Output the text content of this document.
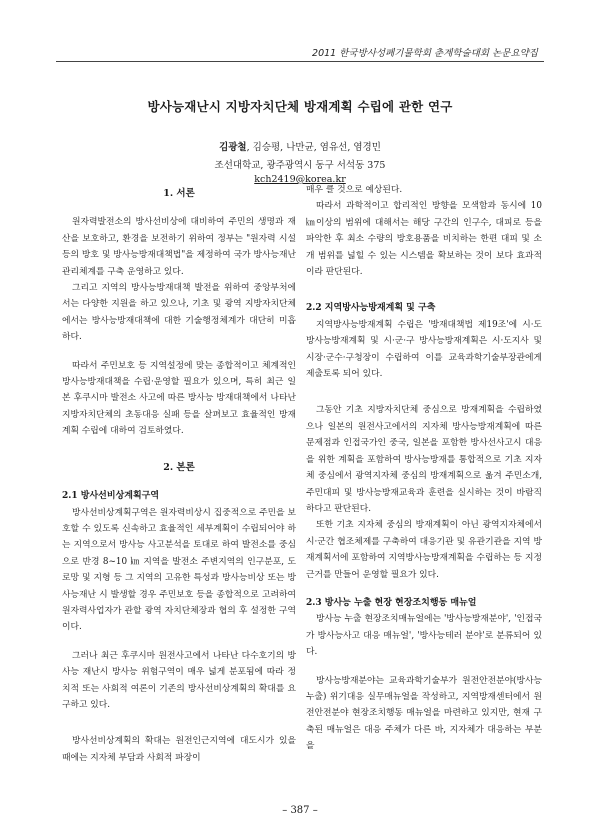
2011 한국방사성폐기물학회 춘계학술대회 논문요약집
방사능재난시 지방자치단체 방재계획 수립에 관한 연구
김광철, 김승평, 나만균, 염유선, 염경민
조선대학교, 광주광역시 동구 서석동 375
kch2419@korea.kr

1. 서론

원자력발전소의 방사선비상에 대비하여 주민의 생명과 재산을 보호하고, 환경을 보전하기 위하여 정부는 "원자력 시설 등의 방호 및 방사능방재대책법"을 제정하여 국가 방사능재난관리체계를 구축 운영하고 있다.

그리고 지역의 방사능방재대책 발전을 위하여 중앙부처에서는 다양한 지원을 하고 있으나, 기초 및 광역 지방자치단체에서는 방사능방재대책에 대한 기술행정체계가 대단히 미흡하다.

따라서 주민보호 등 지역설정에 맞는 종합적이고 체계적인 방사능방재대책을 수립·운영할 필요가 있으며, 특히 최근 일본 후쿠시마 발전소 사고에 따른 방사능 방재대책에서 나타난 지방자치단체의 초동대응 실패 등을 살펴보고 효율적인 방재계획 수립에 대하여 검토하였다.

2. 본론

2.1 방사선비상계획구역

방사선비상계획구역은 원자력비상시 집중적으로 주민을 보호할 수 있도록 신속하고 효율적인 세부계획이 수립되어야 하는 지역으로서 방사능 사고분석을 토대로 하여 발전소를 중심으로 반경 8~10 ㎞ 지역을 발전소 주변지역의 인구분포, 도로망 및 지형 등 그 지역의 고유한 특성과 방사능비상 또는 방사능재난 시 발생할 경우 주민보호 등을 종합적으로 고려하여 원자력사업자가 관할 광역 자치단체장과 협의 후 설정한 구역이다.

그러나 최근 후쿠시마 원전사고에서 나타난 다수호기의 방사능 재난시 방사능 위험구역이 매우 넓게 분포됨에 따라 정치적 또는 사회적 여론이 기존의 방사선비상계획의 확대를 요구하고 있다.

방사선비상계획의 확대는 원전인근지역에 대도시가 있을 때에는 지자체 부담과 사회적 파장이

매우 클 것으로 예상된다.

따라서 과학적이고 합리적인 방향을 모색함과 동시에 10 ㎞이상의 범위에 대해서는 해당 구간의 인구수, 대피로 등을 파악한 후 최소 수량의 방호용품을 비치하는 한편 대피 및 소개 범위를 넓힐 수 있는 시스템을 확보하는 것이 보다 효과적이라 판단된다.

2.2 지역방사능방재계획 및 구축

지역방사능방재계획 수립은 '방재대책법 제19조'에 시·도 방사능방재계획 및 시·군·구 방사능방재계획은 시·도지사 및 시장·군수·구청장이 수립하여 이를 교육과학기술부장관에게 제출토록 되어 있다.

그동안 기초 지방자치단체 중심으로 방재계획을 수립하였으나 일본의 원전사고에서의 지자체 방사능방재계획에 따른 문제점과 인접국가인 중국, 일본을 포함한 방사선사고시 대응을 위한 계획을 포함하여 방사능방재를 통합적으로 기초 지자체 중심에서 광역지자체 중심의 방재계획으로 옮겨 주민소개, 주민대피 및 방사능방재교육과 훈련을 실시하는 것이 바람직하다고 판단된다.

또한 기초 지자체 중심의 방재계획이 아닌 광역지자체에서 시·군간 협조체제를 구축하여 대응기관 및 유관기관을 지역 방재계획서에 포함하여 지역방사능방재계획을 수립하는 등 지정근거를 만들어 운영할 필요가 있다.

2.3 방사능 누출 현장 현장조치행동 매뉴얼

방사능 누출 현장조치매뉴얼에는 '방사능방재분야', '인접국가 방사능사고 대응 매뉴얼', '방사능테러 분야'로 분류되어 있다.

방사능방재분야는 교육과학기술부가 원전안전분야(방사능누출) 위기대응 실무매뉴얼을 작성하고, 지역방재센터에서 원전안전분야 현장조치행동 매뉴얼을 마련하고 있지만, 현재 구축된 매뉴얼은 대응 주체가 다른 바, 지자체가 대응하는 부분을

– 387 –
